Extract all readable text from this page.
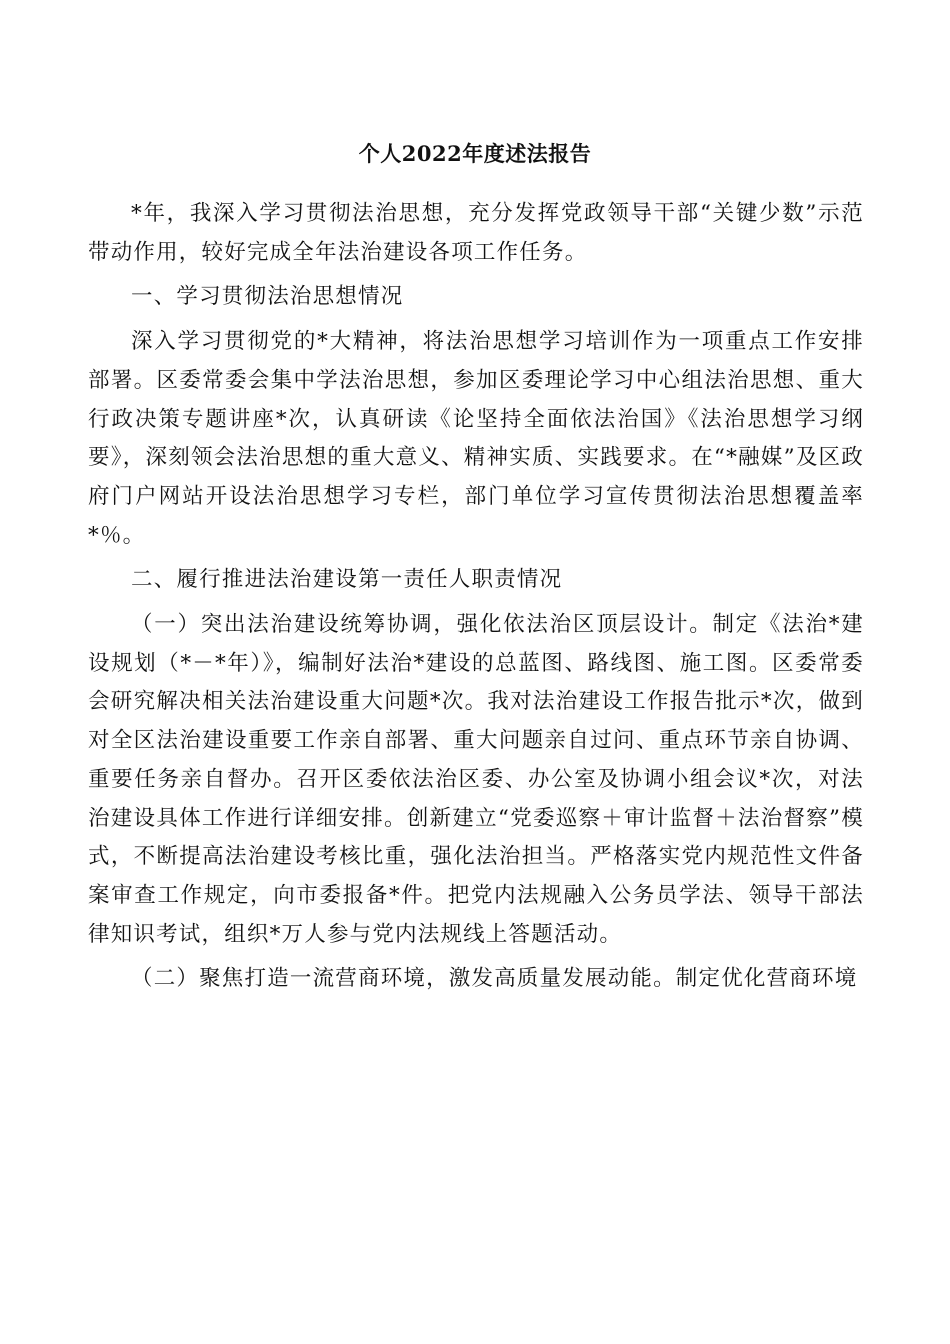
个人2022年度述法报告

*年，我深入学习贯彻法治思想，充分发挥党政领导干部“关键少数”示范带动作用，较好完成全年法治建设各项工作任务。

一、学习贯彻法治思想情况

深入学习贯彻党的*大精神，将法治思想学习培训作为一项重点工作安排部署。区委常委会集中学法治思想，参加区委理论学习中心组法治思想、重大行政决策专题讲座*次，认真研读《论坚持全面依法治国》《法治思想学习纲要》，深刻领会法治思想的重大意义、精神实质、实践要求。在“*融媒”及区政府门户网站开设法治思想学习专栏，部门单位学习宣传贯彻法治思想覆盖率*％。

二、履行推进法治建设第一责任人职责情况

（一）突出法治建设统筹协调，强化依法治区顶层设计。制定《法治*建设规划（*－*年）》，编制好法治*建设的总蓝图、路线图、施工图。区委常委会研究解决相关法治建设重大问题*次。我对法治建设工作报告批示*次，做到对全区法治建设重要工作亲自部署、重大问题亲自过问、重点环节亲自协调、重要任务亲自督办。召开区委依法治区委、办公室及协调小组会议*次，对法治建设具体工作进行详细安排。创新建立“党委巡察＋审计监督＋法治督察”模式，不断提高法治建设考核比重，强化法治担当。严格落实党内规范性文件备案审查工作规定，向市委报备*件。把党内法规融入公务员学法、领导干部法律知识考试，组织*万人参与党内法规线上答题活动。

（二）聚焦打造一流营商环境，激发高质量发展动能。制定优化营商环境
